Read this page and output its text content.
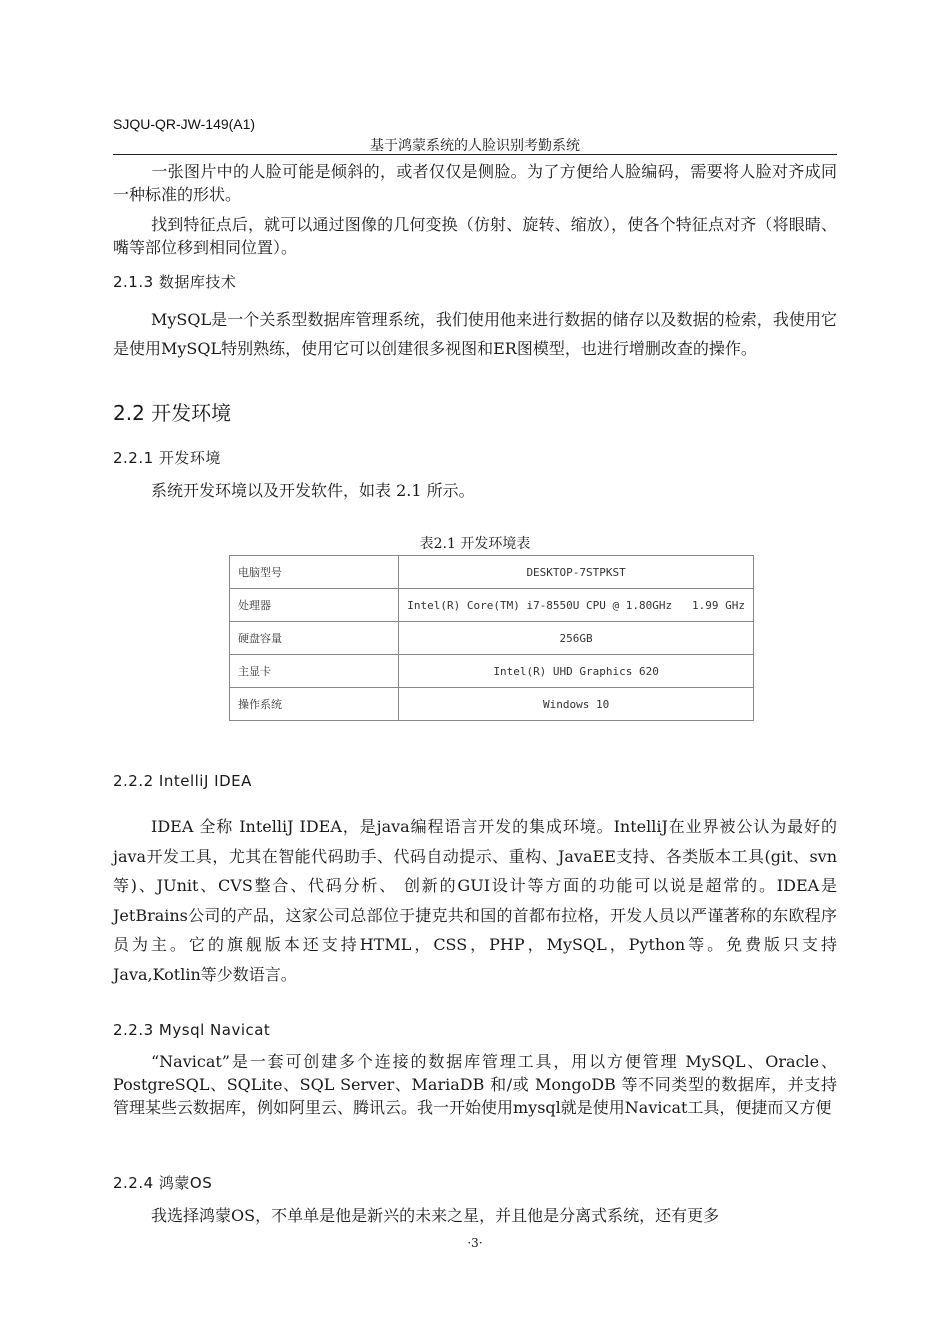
SJQU-QR-JW-149(A1)
基于鸿蒙系统的人脸识别考勤系统

一张图片中的人脸可能是倾斜的，或者仅仅是侧脸。为了方便给人脸编码，需要将人脸对齐成同一种标准的形状。

找到特征点后，就可以通过图像的几何变换（仿射、旋转、缩放），使各个特征点对齐（将眼睛、嘴等部位移到相同位置）。

2.1.3 数据库技术

MySQL是一个关系型数据库管理系统，我们使用他来进行数据的储存以及数据的检索，我使用它是使用MySQL特别熟练，使用它可以创建很多视图和ER图模型，也进行增删改查的操作。

2.2 开发环境
2.2.1 开发环境

系统开发环境以及开发软件，如表 2.1 所示。

表2.1 开发环境表
电脑型号	DESKTOP-7STPKST
处理器	Intel(R) Core(TM) i7-8550U CPU @ 1.80GHz   1.99 GHz
硬盘容量	256GB
主显卡	Intel(R) UHD Graphics 620
操作系统	Windows 10
2.2.2 IntelliJ IDEA

IDEA 全称 IntelliJ IDEA，是java编程语言开发的集成环境。IntelliJ在业界被公认为最好的java开发工具，尤其在智能代码助手、代码自动提示、重构、JavaEE支持、各类版本工具(git、svn等)、JUnit、CVS整合、代码分析、 创新的GUI设计等方面的功能可以说是超常的。IDEA是JetBrains公司的产品，这家公司总部位于捷克共和国的首都布拉格，开发人员以严谨著称的东欧程序员为主。它的旗舰版本还支持HTML，CSS，PHP，MySQL，Python等。免费版只支持Java,Kotlin等少数语言。

2.2.3 Mysql Navicat

“Navicat”是一套可创建多个连接的数据库管理工具，用以方便管理 MySQL、Oracle、PostgreSQL、SQLite、SQL Server、MariaDB 和/或 MongoDB 等不同类型的数据库，并支持管理某些云数据库，例如阿里云、腾讯云。我一开始使用mysql就是使用Navicat工具，便捷而又方便

2.2.4 鸿蒙OS

我选择鸿蒙OS，不单单是他是新兴的未来之星，并且他是分离式系统，还有更多

·3·
